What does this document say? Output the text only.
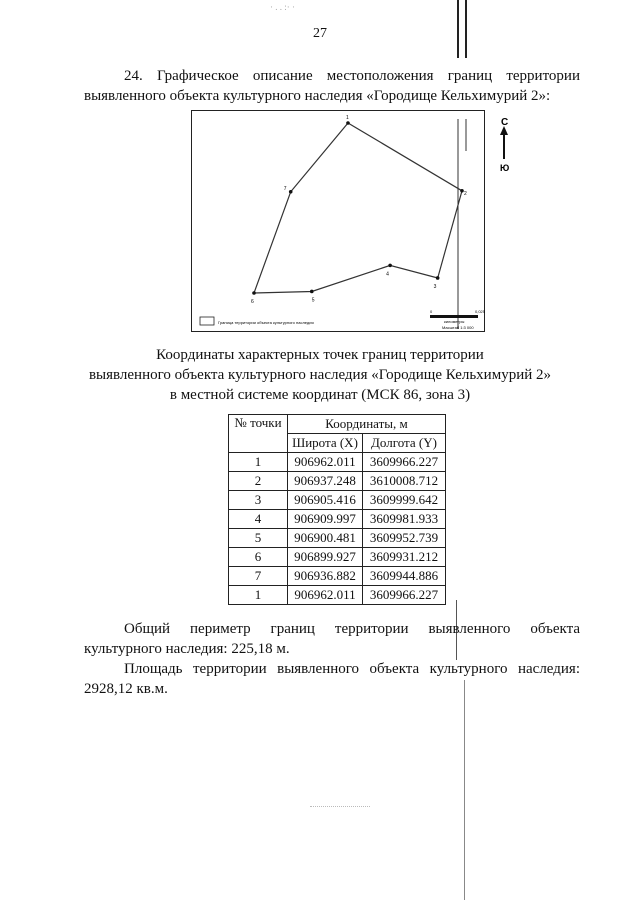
· . . :· ·
27
24. Графическое описание местоположения границ территории
выявленного объекта культурного наследия «Городище Кельхимурий 2»:
1
2
3
4
5
6
7
С
Ю
Граница территории объекта культурного наследия
0	0,025
километры
Масштаб 1:3 000
Координаты характерных точек границ территории
выявленного объекта культурного наследия «Городище Кельхимурий 2»
в местной системе координат (МСК 86, зона 3)
№ точки	Координаты, м	
	Широта (X)	Долгота (Y)
1	906962.011	3609966.227
2	906937.248	3610008.712
3	906905.416	3609999.642
4	906909.997	3609981.933
5	906900.481	3609952.739
6	906899.927	3609931.212
7	906936.882	3609944.886
1	906962.011	3609966.227
Общий периметр границ территории выявленного объекта
культурного наследия: 225,18 м.
Площадь территории выявленного объекта культурного наследия:
2928,12 кв.м.
